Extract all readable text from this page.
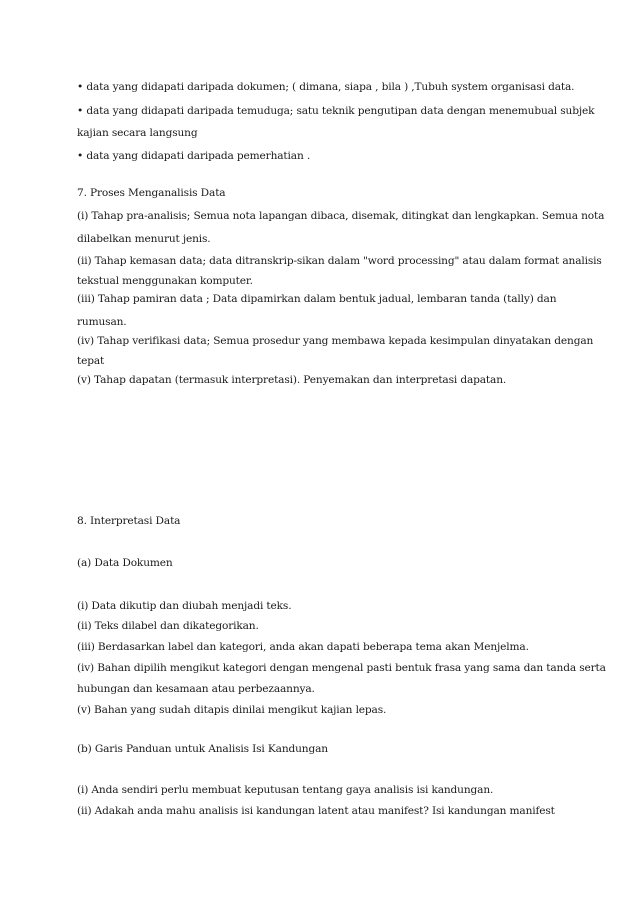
• data yang didapati daripada dokumen; ( dimana, siapa , bila ) ,Tubuh system organisasi data.
• data yang didapati daripada temuduga; satu teknik pengutipan data dengan menemubual subjek
kajian secara langsung
• data yang didapati daripada pemerhatian .
7. Proses Menganalisis Data
(i) Tahap pra-analisis; Semua nota lapangan dibaca, disemak, ditingkat dan lengkapkan. Semua nota
dilabelkan menurut jenis.
(ii) Tahap kemasan data; data ditranskrip-sikan dalam "word processing" atau dalam format analisis
tekstual menggunakan komputer.
(iii) Tahap pamiran data ; Data dipamirkan dalam bentuk jadual, lembaran tanda (tally) dan
rumusan.
(iv) Tahap verifikasi data; Semua prosedur yang membawa kepada kesimpulan dinyatakan dengan
tepat
(v) Tahap dapatan (termasuk interpretasi). Penyemakan dan interpretasi dapatan.
8. Interpretasi Data
(a) Data Dokumen
(i) Data dikutip dan diubah menjadi teks.
(ii) Teks dilabel dan dikategorikan.
(iii) Berdasarkan label dan kategori, anda akan dapati beberapa tema akan Menjelma.
(iv) Bahan dipilih mengikut kategori dengan mengenal pasti bentuk frasa yang sama dan tanda serta
hubungan dan kesamaan atau perbezaannya.
(v) Bahan yang sudah ditapis dinilai mengikut kajian lepas.
(b) Garis Panduan untuk Analisis Isi Kandungan
(i) Anda sendiri perlu membuat keputusan tentang gaya analisis isi kandungan.
(ii) Adakah anda mahu analisis isi kandungan latent atau manifest? Isi kandungan manifest
